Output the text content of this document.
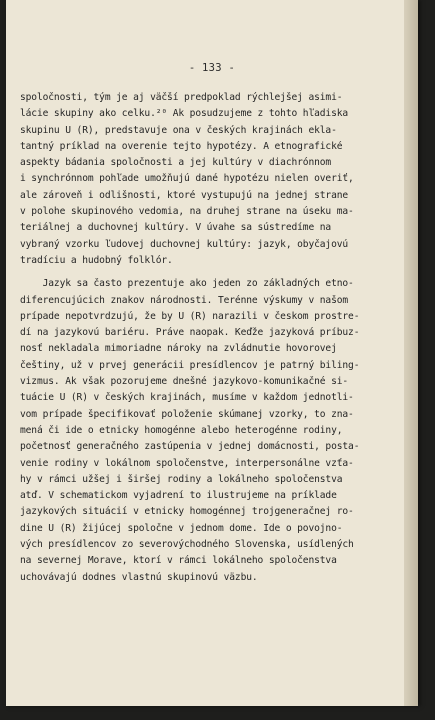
- 133 -
spoločnosti, tým je aj väčší predpoklad rýchlejšej asimi-
lácie skupiny ako celku.²⁰ Ak posudzujeme z tohto hľadiska
skupinu U (R), predstavuje ona v českých krajinách ekla-
tantný príklad na overenie tejto hypotézy. A etnografické
aspekty bádania spoločnosti a jej kultúry v diachrónnom
i synchrónnom pohľade umožňujú dané hypotézu nielen overiť,
ale zároveň i odlišnosti, ktoré vystupujú na jednej strane
v polohe skupinového vedomia, na druhej strane na úseku ma-
teriálnej a duchovnej kultúry. V úvahe sa sústredíme na
vybraný vzorku ľudovej duchovnej kultúry: jazyk, obyčajovú
tradíciu a hudobný folklór.
Jazyk sa často prezentuje ako jeden zo základných etno-
diferencujúcich znakov národnosti. Terénne výskumy v našom
prípade nepotvrdzujú, že by U (R) narazili v českom prostre-
dí na jazykovú bariéru. Práve naopak. Keďže jazyková príbuz-
nosť nekladala mimoriadne nároky na zvládnutie hovorovej
češtiny, už v prvej generácii presídlencov je patrný biling-
vizmus. Ak však pozorujeme dnešné jazykovo-komunikačné si-
tuácie U (R) v českých krajinách, musíme v každom jednotli-
vom prípade špecifikovať položenie skúmanej vzorky, to zna-
mená či ide o etnicky homogénne alebo heterogénne rodiny,
početnosť generačného zastúpenia v jednej domácnosti, posta-
venie rodiny v lokálnom spoločenstve, interpersonálne vzťa-
hy v rámci užšej i širšej rodiny a lokálneho spoločenstva
atď. V schematickom vyjadrení to ilustrujeme na príklade
jazykových situácií v etnicky homogénnej trojgeneračnej ro-
dine U (R) žijúcej spoločne v jednom dome. Ide o povojno-
vých presídlencov zo severovýchodného Slovenska, usídlených
na severnej Morave, ktorí v rámci lokálneho spoločenstva
uchovávajú dodnes vlastnú skupinovú väzbu.
